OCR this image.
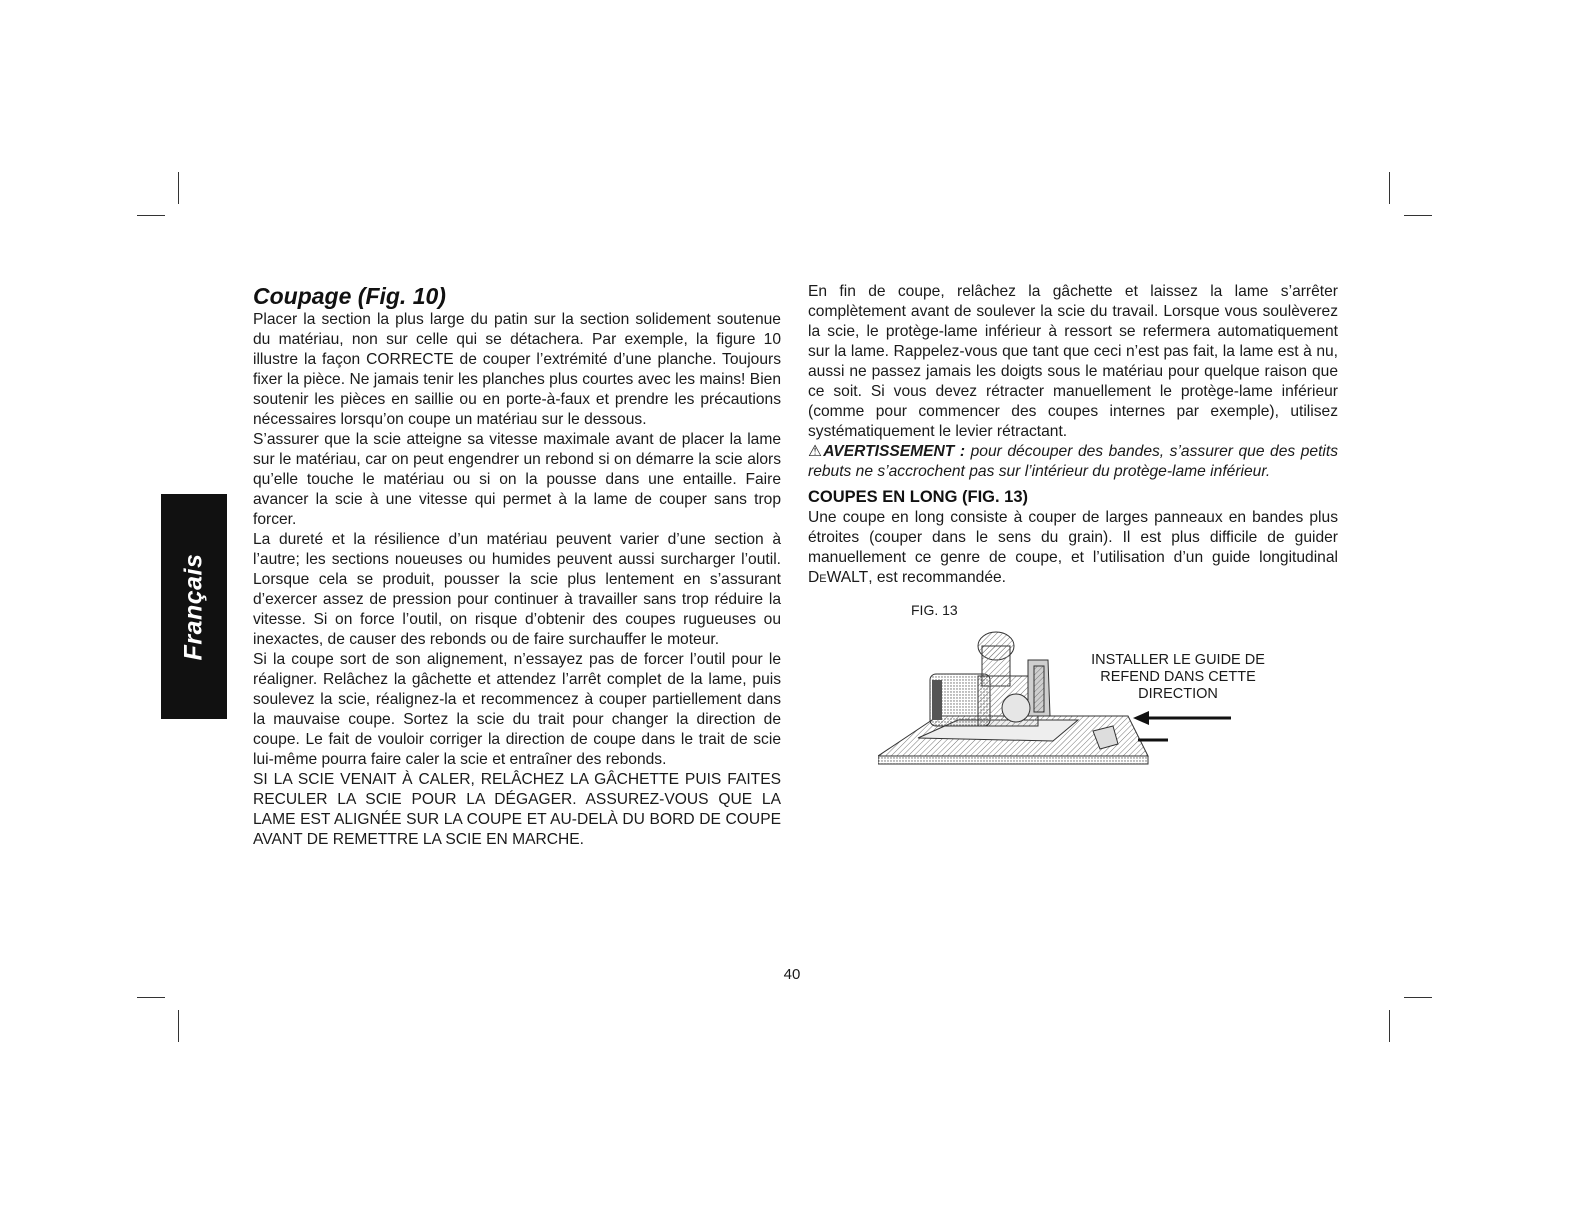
Français
Coupage (Fig. 10)

Placer la section la plus large du patin sur la section solidement soutenue du matériau, non sur celle qui se détachera. Par exemple, la figure 10 illustre la façon CORRECTE de couper l’extrémité d’une planche. Toujours fixer la pièce. Ne jamais tenir les planches plus courtes avec les mains! Bien soutenir les pièces en saillie ou en porte-à-faux et prendre les précautions nécessaires lorsqu’on coupe un matériau sur le dessous.

S’assurer que la scie atteigne sa vitesse maximale avant de placer la lame sur le matériau, car on peut engendrer un rebond si on démarre la scie alors qu’elle touche le matériau ou si on la pousse dans une entaille. Faire avancer la scie à une vitesse qui permet à la lame de couper sans trop forcer.

La dureté et la résilience d’un matériau peuvent varier d’une section à l’autre; les sections noueuses ou humides peuvent aussi surcharger l’outil. Lorsque cela se produit, pousser la scie plus lentement en s’assurant d’exercer assez de pression pour continuer à travailler sans trop réduire la vitesse. Si on force l’outil, on risque d’obtenir des coupes rugueuses ou inexactes, de causer des rebonds ou de faire surchauffer le moteur.

Si la coupe sort de son alignement, n’essayez pas de forcer l’outil pour le réaligner. Relâchez la gâchette et attendez l’arrêt complet de la lame, puis soulevez la scie, réalignez-la et recommencez à couper partiellement dans la mauvaise coupe. Sortez la scie du trait pour changer la direction de coupe. Le fait de vouloir corriger la direction de coupe dans le trait de scie lui-même pourra faire caler la scie et entraîner des rebonds.

SI LA SCIE VENAIT À CALER, RELÂCHEZ LA GÂCHETTE PUIS FAITES RECULER LA SCIE POUR LA DÉGAGER. ASSUREZ-VOUS QUE LA LAME EST ALIGNÉE SUR LA COUPE ET AU-DELÀ DU BORD DE COUPE AVANT DE REMETTRE LA SCIE EN MARCHE.

En fin de coupe, relâchez la gâchette et laissez la lame s’arrêter complètement avant de soulever la scie du travail. Lorsque vous soulèverez la scie, le protège-lame inférieur à ressort se refermera automatiquement sur la lame. Rappelez-vous que tant que ceci n’est pas fait, la lame est à nu, aussi ne passez jamais les doigts sous le matériau pour quelque raison que ce soit. Si vous devez rétracter manuellement le protège-lame inférieur (comme pour commencer des coupes internes par exemple), utilisez systématiquement le levier rétractant.

⚠AVERTISSEMENT : pour découper des bandes, s’assurer que des petits rebuts ne s’accrochent pas sur l’intérieur du protège-lame inférieur.

COUPES EN LONG (FIG. 13)

Une coupe en long consiste à couper de larges panneaux en bandes plus étroites (couper dans le sens du grain). Il est plus difficile de guider manuellement ce genre de coupe, et l’utilisation d’un guide longitudinal DeWALT, est recommandée.

FIG. 13
INSTALLER LE GUIDE DE
REFEND DANS CETTE
DIRECTION
40
